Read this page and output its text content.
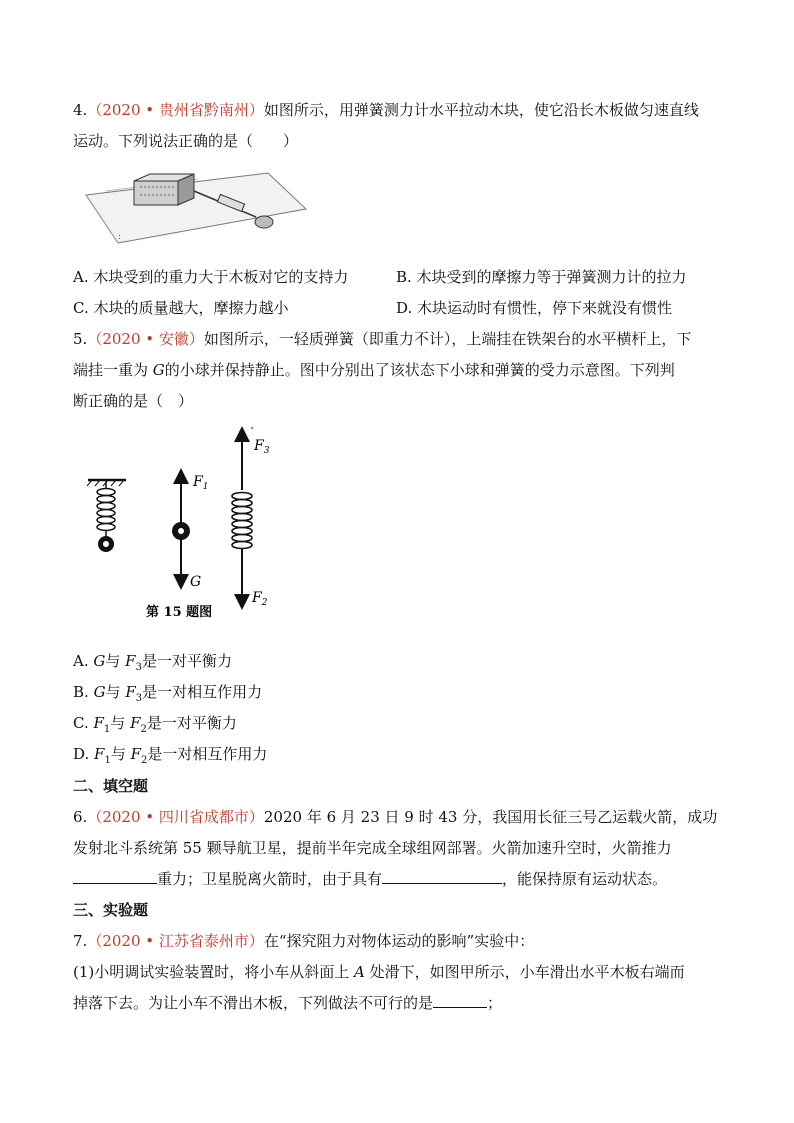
4.（2020 • 贵州省黔南州）如图所示，用弹簧测力计水平拉动木块，使它沿长木板做匀速直线
运动。下列说法正确的是（　　）
:
A. 木块受到的重力大于木板对它的支持力	B. 木块受到的摩擦力等于弹簧测力计的拉力
C. 木块的质量越大，摩擦力越小	D. 木块运动时有惯性，停下来就没有惯性
5.（2020 • 安徽）如图所示，一轻质弹簧（即重力不计），上端挂在铁架台的水平横杆上，下
端挂一重为 G的小球并保持静止。图中分别出了该状态下小球和弹簧的受力示意图。下列判
断正确的是（　）
$F_1$
G
$F_3$
$F_2$
第 15 题图
A. G与 $F_3$是一对平衡力
B. G与 $F_3$是一对相互作用力
C. $F_1$与 $F_2$是一对平衡力
D. $F_1$与 $F_2$是一对相互作用力
二、填空题
6.（2020 • 四川省成都市）2020 年 6 月 23 日 9 时 43 分，我国用长征三号乙运载火箭，成功
发射北斗系统第 55 颗导航卫星，提前半年完成全球组网部署。火箭加速升空时，火箭推力
重力；卫星脱离火箭时，由于具有	，能保持原有运动状态。
三、实验题
7.（2020 • 江苏省泰州市）在“探究阻力对物体运动的影响”实验中：
(1)小明调试实验装置时，将小车从斜面上 A 处滑下，如图甲所示，小车滑出水平木板右端而
掉落下去。为让小车不滑出木板，下列做法不可行的是	；
